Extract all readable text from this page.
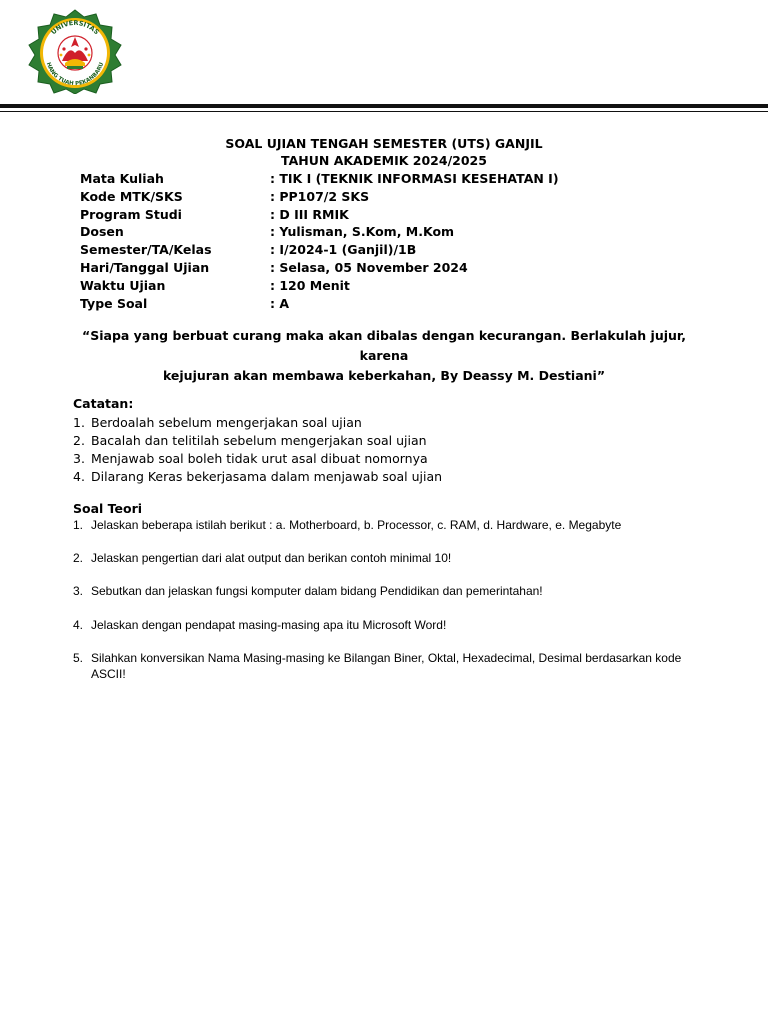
UNIVERSITAS
HANG TUAH PEKANBARU
SOAL UJIAN TENGAH SEMESTER (UTS) GANJIL
TAHUN AKADEMIK 2024/2025
Mata Kuliah	: TIK I (TEKNIK INFORMASI KESEHATAN I)
Kode MTK/SKS	: PP107/2 SKS
Program Studi	: D III RMIK
Dosen	: Yulisman, S.Kom, M.Kom
Semester/TA/Kelas	: I/2024-1 (Ganjil)/1B
Hari/Tanggal Ujian	: Selasa, 05 November 2024
Waktu Ujian	: 120 Menit
Type Soal	: A
“Siapa yang berbuat curang maka akan dibalas dengan kecurangan. Berlakulah jujur, karena
kejujuran akan membawa keberkahan, By Deassy M. Destiani”
Catatan:
1. Berdoalah sebelum mengerjakan soal ujian
2. Bacalah dan telitilah sebelum mengerjakan soal ujian
3. Menjawab soal boleh tidak urut asal dibuat nomornya
4. Dilarang Keras bekerjasama dalam menjawab soal ujian
Soal Teori
1. Jelaskan beberapa istilah berikut : a. Motherboard, b. Processor, c. RAM, d. Hardware, e. Megabyte
2. Jelaskan pengertian dari alat output dan berikan contoh minimal 10!
3. Sebutkan dan jelaskan fungsi komputer dalam bidang Pendidikan dan pemerintahan!
4. Jelaskan dengan pendapat masing-masing apa itu Microsoft Word!
5. Silahkan konversikan Nama Masing-masing ke Bilangan Biner, Oktal, Hexadecimal, Desimal berdasarkan kode ASCII!
